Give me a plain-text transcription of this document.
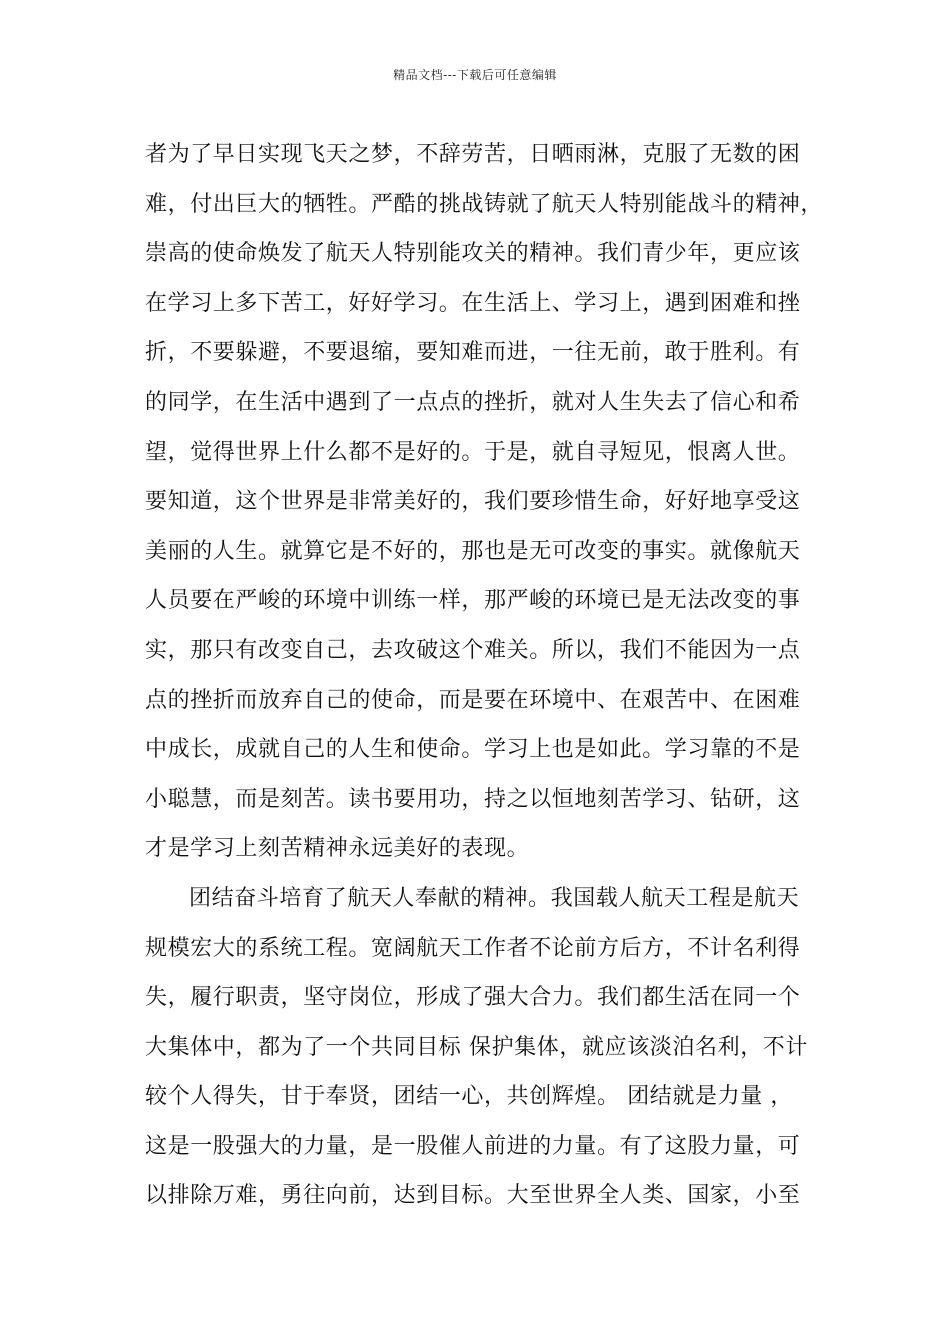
精品文档---下载后可任意编辑
者为了早日实现飞天之梦，不辞劳苦，日晒雨淋，克服了无数的困
难，付出巨大的牺牲。严酷的挑战铸就了航天人特别能战斗的精神，
崇高的使命焕发了航天人特别能攻关的精神。我们青少年，更应该
在学习上多下苦工，好好学习。在生活上、学习上，遇到困难和挫
折，不要躲避，不要退缩，要知难而进，一往无前，敢于胜利。有
的同学，在生活中遇到了一点点的挫折，就对人生失去了信心和希
望，觉得世界上什么都不是好的。于是，就自寻短见，恨离人世。
要知道，这个世界是非常美好的，我们要珍惜生命，好好地享受这
美丽的人生。就算它是不好的，那也是无可改变的事实。就像航天
人员要在严峻的环境中训练一样，那严峻的环境已是无法改变的事
实，那只有改变自己，去攻破这个难关。所以，我们不能因为一点
点的挫折而放弃自己的使命，而是要在环境中、在艰苦中、在困难
中成长，成就自己的人生和使命。学习上也是如此。学习靠的不是
小聪慧，而是刻苦。读书要用功，持之以恒地刻苦学习、钻研，这
才是学习上刻苦精神永远美好的表现。
团结奋斗培育了航天人奉献的精神。我国载人航天工程是航天
规模宏大的系统工程。宽阔航天工作者不论前方后方，不计名利得
失，履行职责，坚守岗位，形成了强大合力。我们都生活在同一个
大集体中，都为了一个共同目标 保护集体，就应该淡泊名利，不计
较个人得失，甘于奉贤，团结一心，共创辉煌。 团结就是力量 ，
这是一股强大的力量，是一股催人前进的力量。有了这股力量，可
以排除万难，勇往向前，达到目标。大至世界全人类、国家，小至
